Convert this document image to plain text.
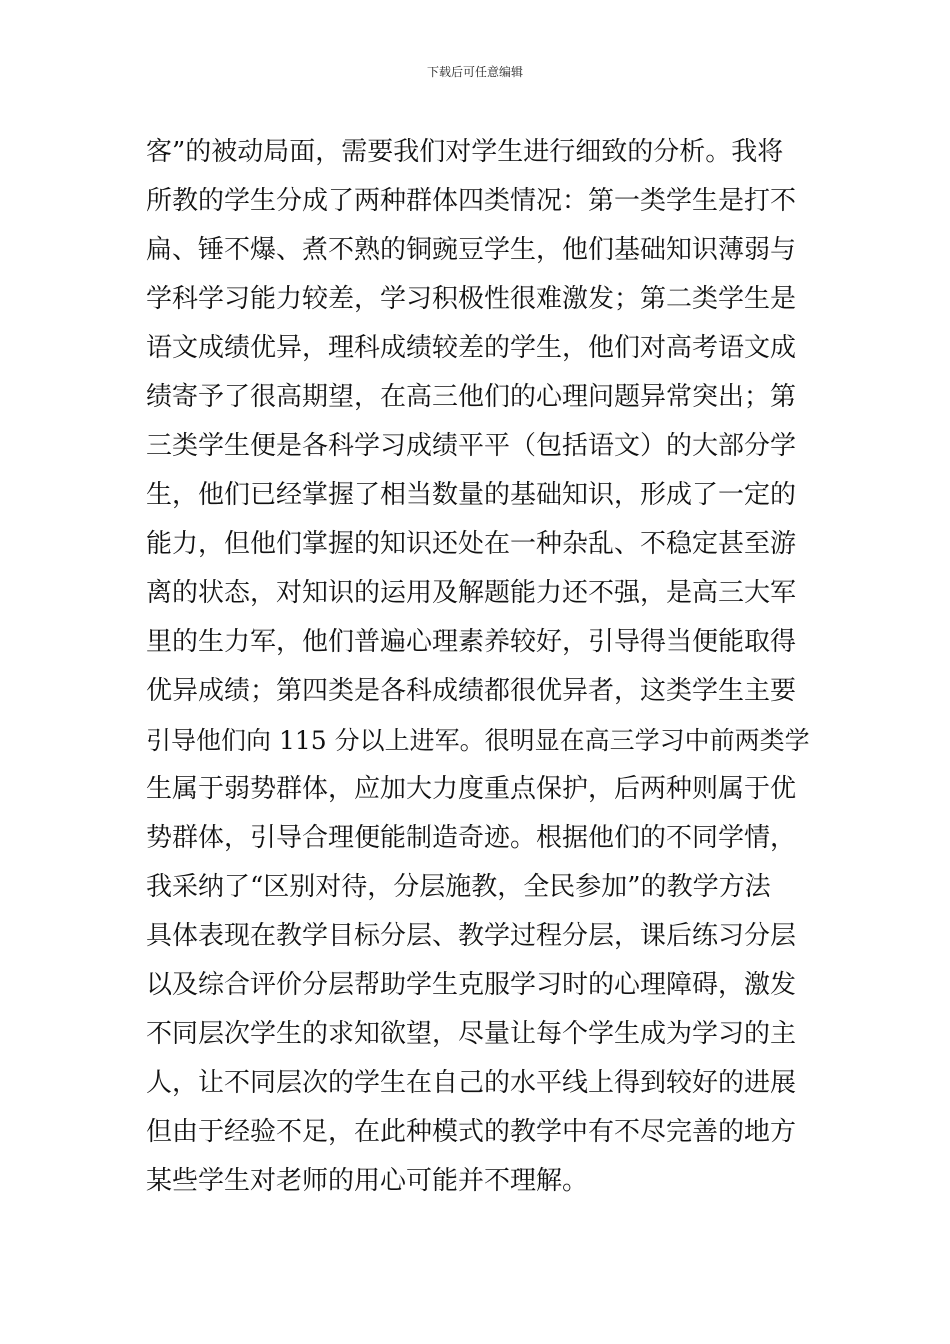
下载后可任意编辑
客”的被动局面，需要我们对学生进行细致的分析。我将
所教的学生分成了两种群体四类情况：第一类学生是打不
扁、锤不爆、煮不熟的铜豌豆学生，他们基础知识薄弱与
学科学习能力较差，学习积极性很难激发；第二类学生是
语文成绩优异，理科成绩较差的学生，他们对高考语文成
绩寄予了很高期望，在高三他们的心理问题异常突出；第
三类学生便是各科学习成绩平平（包括语文）的大部分学
生，他们已经掌握了相当数量的基础知识，形成了一定的
能力，但他们掌握的知识还处在一种杂乱、不稳定甚至游
离的状态，对知识的运用及解题能力还不强，是高三大军
里的生力军，他们普遍心理素养较好，引导得当便能取得
优异成绩；第四类是各科成绩都很优异者，这类学生主要
引导他们向 115 分以上进军。很明显在高三学习中前两类学
生属于弱势群体，应加大力度重点保护，后两种则属于优
势群体，引导合理便能制造奇迹。根据他们的不同学情，
我采纳了“区别对待，分层施教，全民参加”的教学方法
具体表现在教学目标分层、教学过程分层，课后练习分层
以及综合评价分层帮助学生克服学习时的心理障碍，激发
不同层次学生的求知欲望，尽量让每个学生成为学习的主
人，让不同层次的学生在自己的水平线上得到较好的进展
但由于经验不足，在此种模式的教学中有不尽完善的地方
某些学生对老师的用心可能并不理解。
